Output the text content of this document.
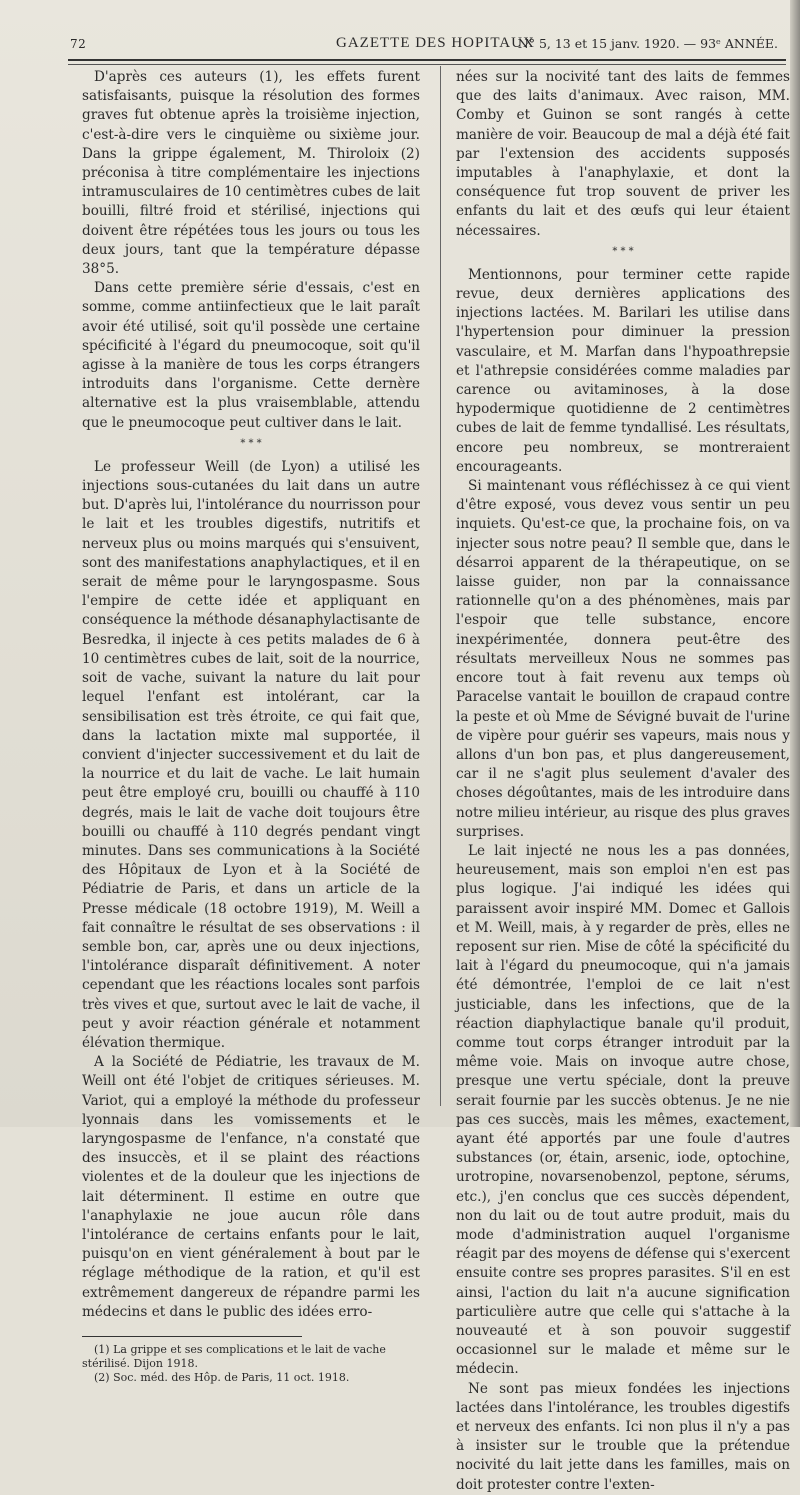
72	GAZETTE DES HOPITAUX
N° 5, 13 et 15 janv. 1920. — 93ᵉ ANNÉE.

D'après ces auteurs (1), les effets furent satisfaisants, puisque la résolution des formes graves fut obtenue après la troisième injection, c'est-à-dire vers le cinquième ou sixième jour. Dans la grippe également, M. Thiroloix (2) préconisa à titre complémentaire les injections intramusculaires de 10 centimètres cubes de lait bouilli, filtré froid et stérilisé, injections qui doivent être répétées tous les jours ou tous les deux jours, tant que la température dépasse 38°5.

Dans cette première série d'essais, c'est en somme, comme antiinfectieux que le lait paraît avoir été utilisé, soit qu'il possède une certaine spécificité à l'égard du pneumocoque, soit qu'il agisse à la manière de tous les corps étrangers introduits dans l'organisme. Cette dernère alternative est la plus vraisemblable, attendu que le pneumocoque peut cultiver dans le lait.

* * *

Le professeur Weill (de Lyon) a utilisé les injections sous-cutanées du lait dans un autre but. D'après lui, l'intolérance du nourrisson pour le lait et les troubles digestifs, nutritifs et nerveux plus ou moins marqués qui s'ensuivent, sont des manifestations anaphylactiques, et il en serait de même pour le laryngospasme. Sous l'empire de cette idée et appliquant en conséquence la méthode désanaphylactisante de Besredka, il injecte à ces petits malades de 6 à 10 centimètres cubes de lait, soit de la nourrice, soit de vache, suivant la nature du lait pour lequel l'enfant est intolérant, car la sensibilisation est très étroite, ce qui fait que, dans la lactation mixte mal supportée, il convient d'injecter successivement et du lait de la nourrice et du lait de vache. Le lait humain peut être employé cru, bouilli ou chauffé à 110 degrés, mais le lait de vache doit toujours être bouilli ou chauffé à 110 degrés pendant vingt minutes. Dans ses communications à la Société des Hôpitaux de Lyon et à la Société de Pédiatrie de Paris, et dans un article de la Presse médicale (18 octobre 1919), M. Weill a fait connaître le résultat de ses observations : il semble bon, car, après une ou deux injections, l'intolérance disparaît définitivement. A noter cependant que les réactions locales sont parfois très vives et que, surtout avec le lait de vache, il peut y avoir réaction générale et notamment élévation thermique.

A la Société de Pédiatrie, les travaux de M. Weill ont été l'objet de critiques sérieuses. M. Variot, qui a employé la méthode du professeur lyonnais dans les vomissements et le laryngospasme de l'enfance, n'a constaté que des insuccès, et il se plaint des réactions violentes et de la douleur que les injections de lait déterminent. Il estime en outre que l'anaphylaxie ne joue aucun rôle dans l'intolérance de certains enfants pour le lait, puisqu'on en vient généralement à bout par le réglage méthodique de la ration, et qu'il est extrêmement dangereux de répandre parmi les médecins et dans le public des idées erro-

(1) La grippe et ses complications et le lait de vache stérilisé. Dijon 1918.

(2) Soc. méd. des Hôp. de Paris, 11 oct. 1918.

nées sur la nocivité tant des laits de femmes que des laits d'animaux. Avec raison, MM. Comby et Guinon se sont rangés à cette manière de voir. Beaucoup de mal a déjà été fait par l'extension des accidents supposés imputables à l'anaphylaxie, et dont la conséquence fut trop souvent de priver les enfants du lait et des œufs qui leur étaient nécessaires.

* * *

Mentionnons, pour terminer cette rapide revue, deux dernières applications des injections lactées. M. Barilari les utilise dans l'hypertension pour diminuer la pression vasculaire, et M. Marfan dans l'hypoathrepsie et l'athrepsie considérées comme maladies par carence ou avitaminoses, à la dose hypodermique quotidienne de 2 centimètres cubes de lait de femme tyndallisé. Les résultats, encore peu nombreux, se montreraient encourageants.

Si maintenant vous réfléchissez à ce qui vient d'être exposé, vous devez vous sentir un peu inquiets. Qu'est-ce que, la prochaine fois, on va injecter sous notre peau? Il semble que, dans le désarroi apparent de la thérapeutique, on se laisse guider, non par la connaissance rationnelle qu'on a des phénomènes, mais par l'espoir que telle substance, encore inexpérimentée, donnera peut-être des résultats merveilleux Nous ne sommes pas encore tout à fait revenu aux temps où Paracelse vantait le bouillon de crapaud contre la peste et où Mme de Sévigné buvait de l'urine de vipère pour guérir ses vapeurs, mais nous y allons d'un bon pas, et plus dangereusement, car il ne s'agit plus seulement d'avaler des choses dégoûtantes, mais de les introduire dans notre milieu intérieur, au risque des plus graves surprises.

Le lait injecté ne nous les a pas données, heureusement, mais son emploi n'en est pas plus logique. J'ai indiqué les idées qui paraissent avoir inspiré MM. Domec et Gallois et M. Weill, mais, à y regarder de près, elles ne reposent sur rien. Mise de côté la spécificité du lait à l'égard du pneumocoque, qui n'a jamais été démontrée, l'emploi de ce lait n'est justiciable, dans les infections, que de la réaction diaphylactique banale qu'il produit, comme tout corps étranger introduit par la même voie. Mais on invoque autre chose, presque une vertu spéciale, dont la preuve serait fournie par les succès obtenus. Je ne nie pas ces succès, mais les mêmes, exactement, ayant été apportés par une foule d'autres substances (or, étain, arsenic, iode, optochine, urotropine, novarsenobenzol, peptone, sérums, etc.), j'en conclus que ces succès dépendent, non du lait ou de tout autre produit, mais du mode d'administration auquel l'organisme réagit par des moyens de défense qui s'exercent ensuite contre ses propres parasites. S'il en est ainsi, l'action du lait n'a aucune signification particulière autre que celle qui s'attache à la nouveauté et à son pouvoir suggestif occasionnel sur le malade et même sur le médecin.

Ne sont pas mieux fondées les injections lactées dans l'intolérance, les troubles digestifs et nerveux des enfants. Ici non plus il n'y a pas à insister sur le trouble que la prétendue nocivité du lait jette dans les familles, mais on doit protester contre l'exten-
